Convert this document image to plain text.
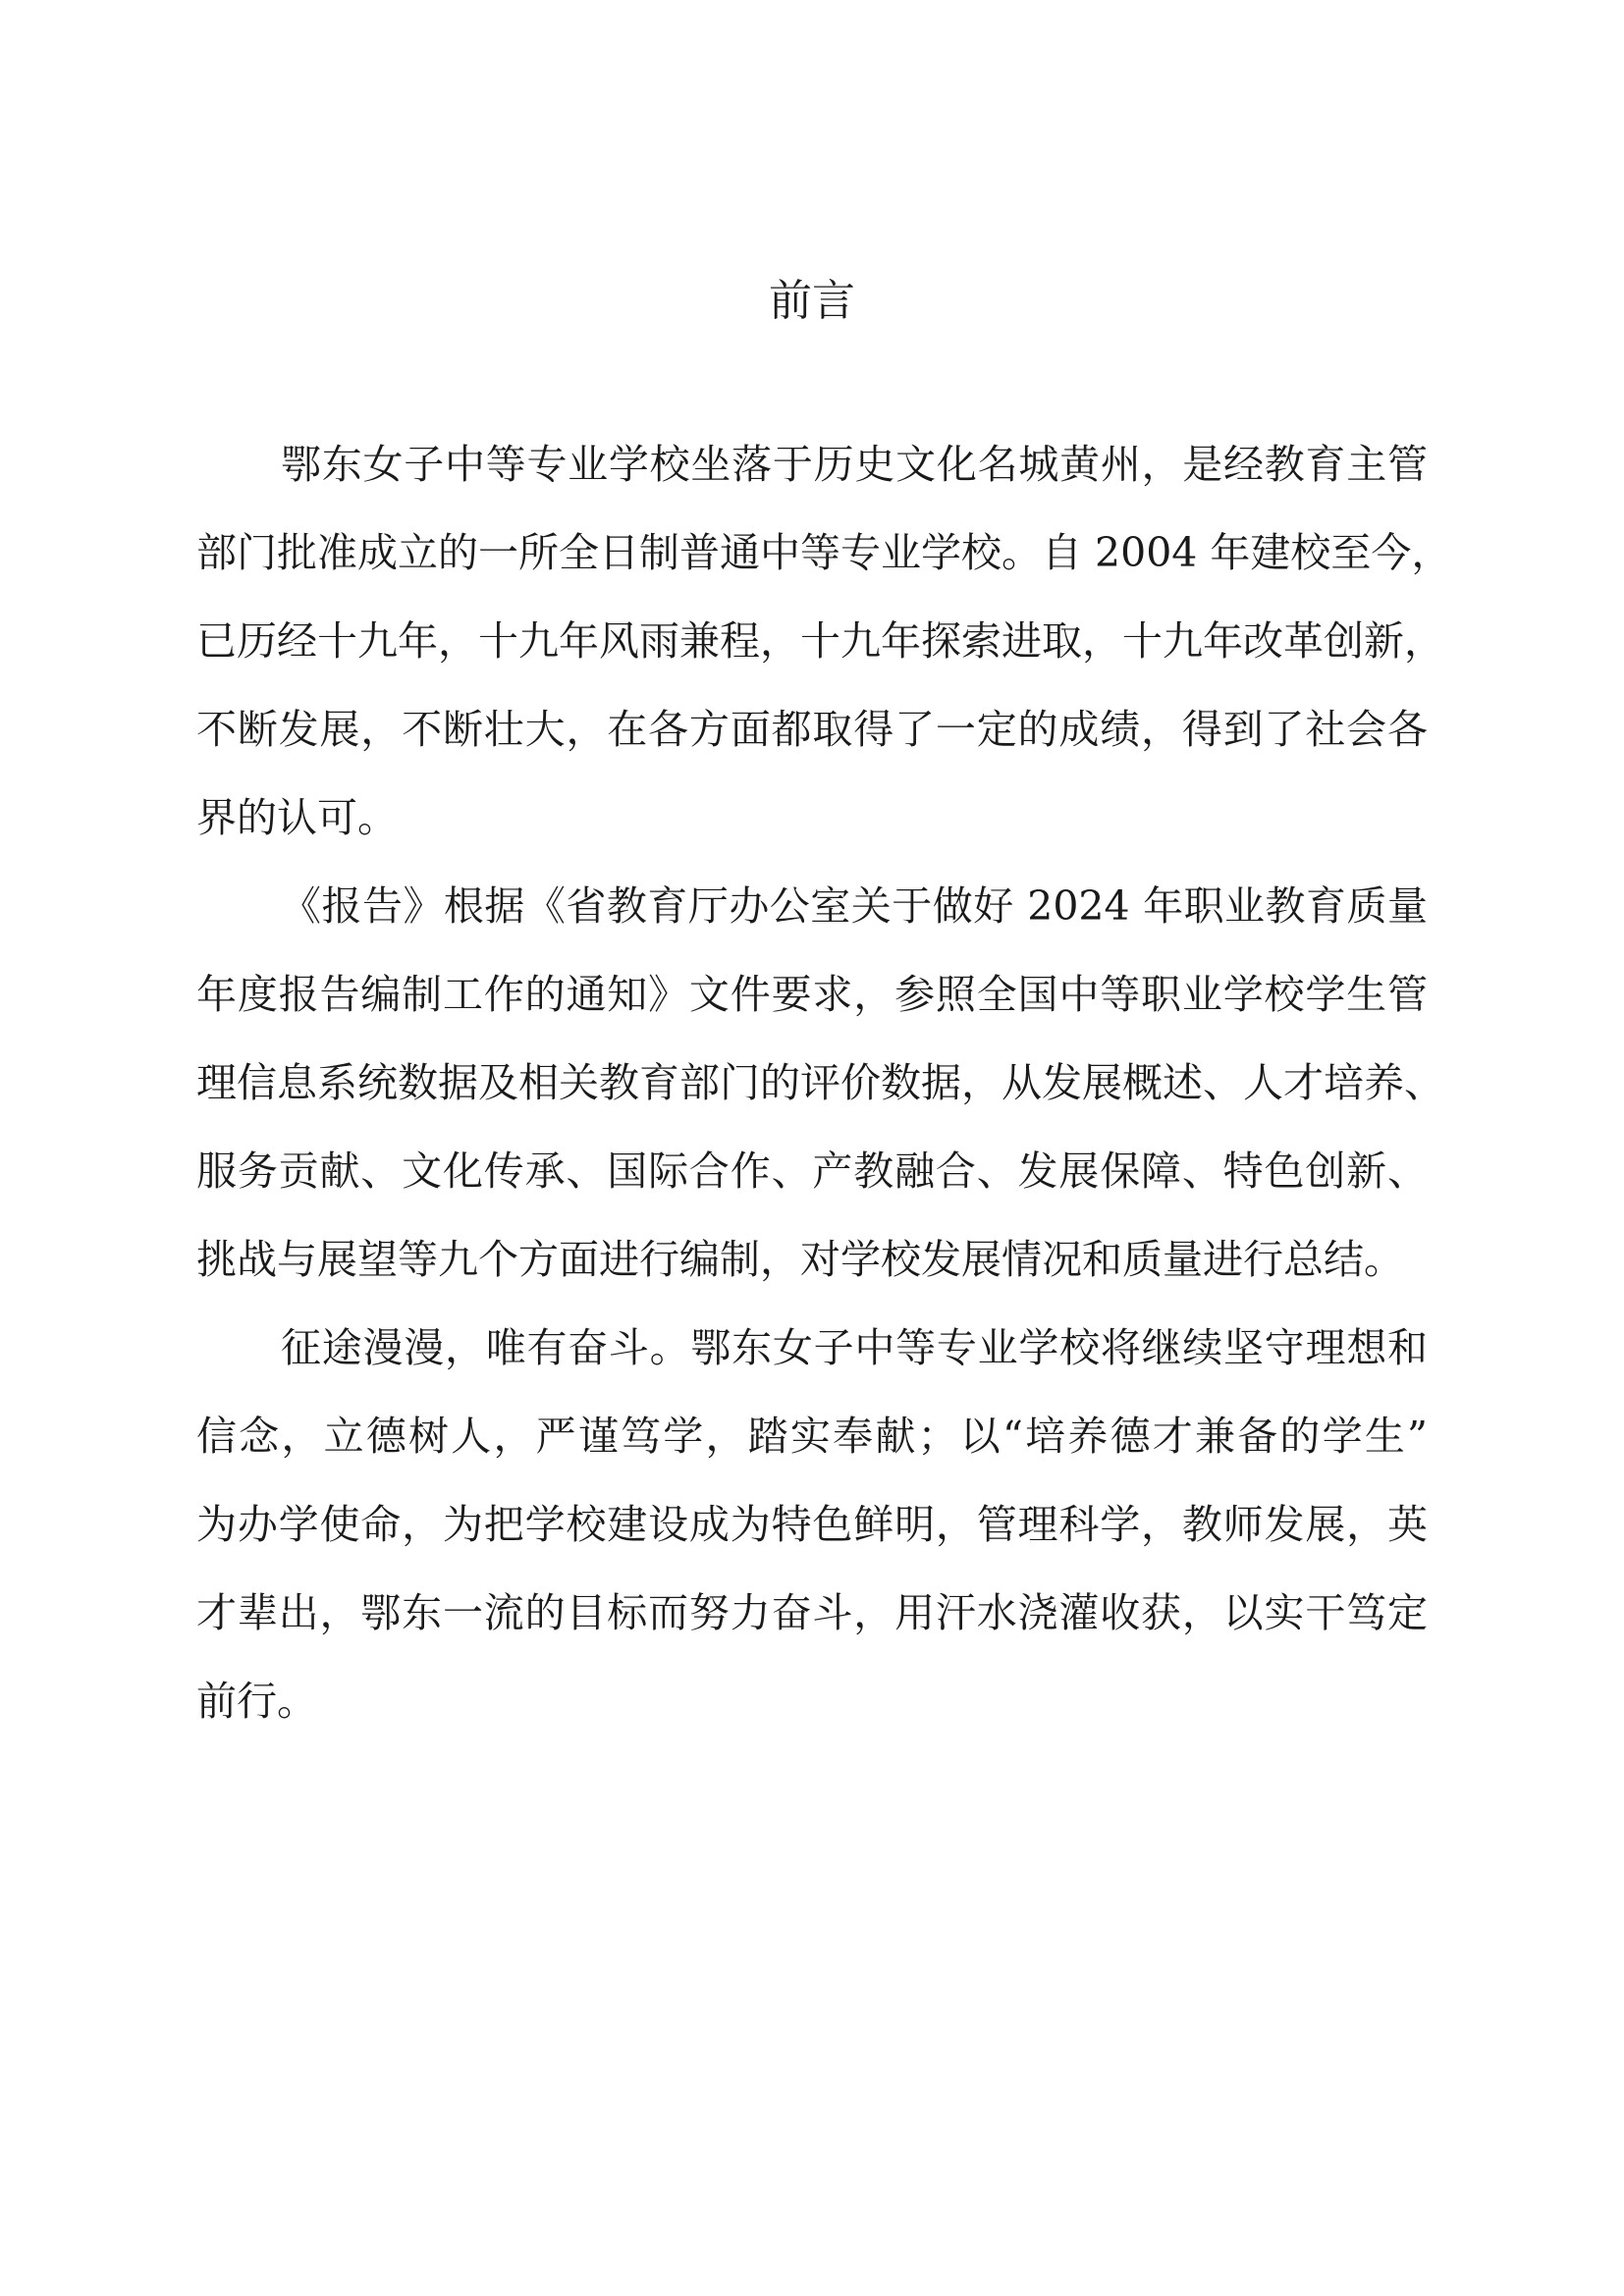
前言
鄂东女子中等专业学校坐落于历史文化名城黄州，是经教育主管
部门批准成立的一所全日制普通中等专业学校。自 2004 年建校至今，
已历经十九年，十九年风雨兼程，十九年探索进取，十九年改革创新，
不断发展，不断壮大，在各方面都取得了一定的成绩，得到了社会各
界的认可。
《报告》根据《省教育厅办公室关于做好 2024 年职业教育质量
年度报告编制工作的通知》文件要求，参照全国中等职业学校学生管
理信息系统数据及相关教育部门的评价数据，从发展概述、人才培养、
服务贡献、文化传承、国际合作、产教融合、发展保障、特色创新、
挑战与展望等九个方面进行编制，对学校发展情况和质量进行总结。
征途漫漫，唯有奋斗。鄂东女子中等专业学校将继续坚守理想和
信念，立德树人，严谨笃学，踏实奉献；以“培养德才兼备的学生”
为办学使命，为把学校建设成为特色鲜明，管理科学，教师发展，英
才辈出，鄂东一流的目标而努力奋斗，用汗水浇灌收获，以实干笃定
前行。
